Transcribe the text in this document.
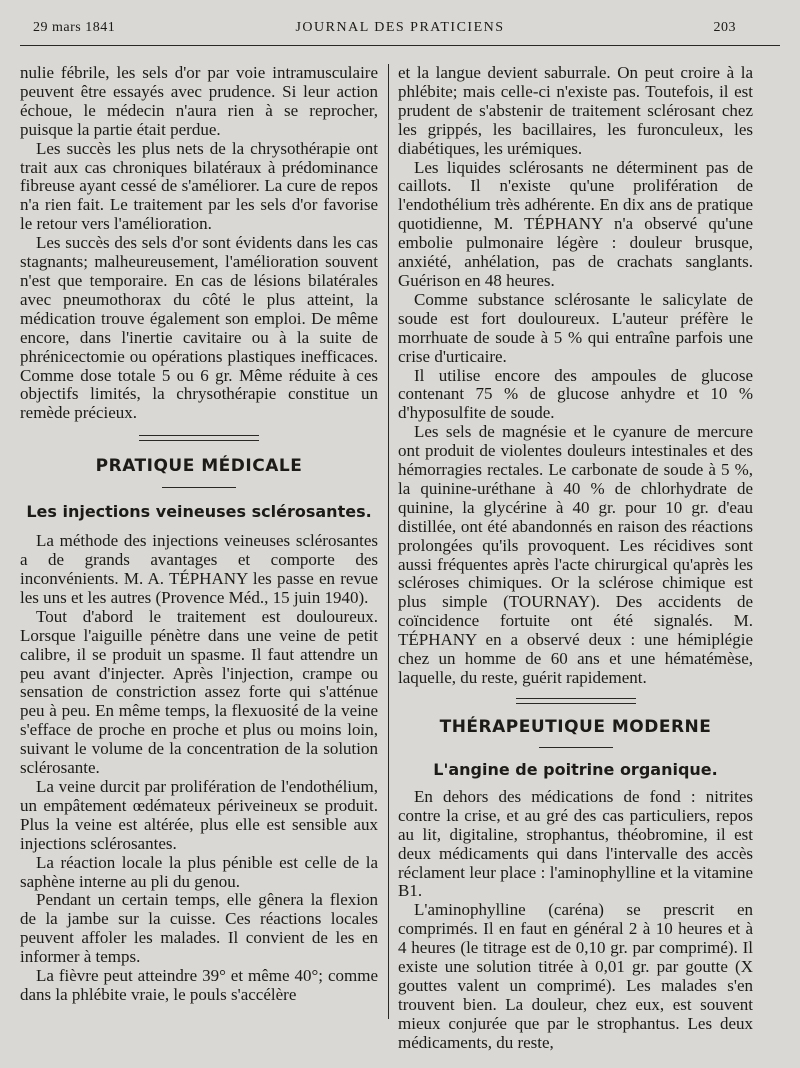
29 mars 1841	JOURNAL DES PRATICIENS	203

nulie fébrile, les sels d'or par voie intramusculaire peuvent être essayés avec prudence. Si leur action échoue, le médecin n'aura rien à se reprocher, puisque la partie était perdue.

Les succès les plus nets de la chrysothérapie ont trait aux cas chroniques bilatéraux à prédominance fibreuse ayant cessé de s'améliorer. La cure de repos n'a rien fait. Le traitement par les sels d'or favorise le retour vers l'amélioration.

Les succès des sels d'or sont évidents dans les cas stagnants; malheureusement, l'amélioration souvent n'est que temporaire. En cas de lésions bilatérales avec pneumothorax du côté le plus atteint, la médication trouve également son emploi. De même encore, dans l'inertie cavitaire ou à la suite de phrénicectomie ou opérations plastiques inefficaces. Comme dose totale 5 ou 6 gr. Même réduite à ces objectifs limités, la chrysothérapie constitue un remède précieux.

PRATIQUE MÉDICALE
Les injections veineuses sclérosantes.

La méthode des injections veineuses sclérosantes a de grands avantages et comporte des inconvénients. M. A. TÉPHANY les passe en revue les uns et les autres (Provence Méd., 15 juin 1940).

Tout d'abord le traitement est douloureux. Lorsque l'aiguille pénètre dans une veine de petit calibre, il se produit un spasme. Il faut attendre un peu avant d'injecter. Après l'injection, crampe ou sensation de constriction assez forte qui s'atténue peu à peu. En même temps, la flexuosité de la veine s'efface de proche en proche et plus ou moins loin, suivant le volume de la concentration de la solution sclérosante.

La veine durcit par prolifération de l'endothélium, un empâtement œdémateux périveineux se produit. Plus la veine est altérée, plus elle est sensible aux injections sclérosantes.

La réaction locale la plus pénible est celle de la saphène interne au pli du genou.

Pendant un certain temps, elle gênera la flexion de la jambe sur la cuisse. Ces réactions locales peuvent affoler les malades. Il convient de les en informer à temps.

La fièvre peut atteindre 39° et même 40°; comme dans la phlébite vraie, le pouls s'accélère

et la langue devient saburrale. On peut croire à la phlébite; mais celle-ci n'existe pas. Toutefois, il est prudent de s'abstenir de traitement sclérosant chez les grippés, les bacillaires, les furonculeux, les diabétiques, les urémiques.

Les liquides sclérosants ne déterminent pas de caillots. Il n'existe qu'une prolifération de l'endothélium très adhérente. En dix ans de pratique quotidienne, M. TÉPHANY n'a observé qu'une embolie pulmonaire légère : douleur brusque, anxiété, anhélation, pas de crachats sanglants. Guérison en 48 heures.

Comme substance sclérosante le salicylate de soude est fort douloureux. L'auteur préfère le morrhuate de soude à 5 % qui entraîne parfois une crise d'urticaire.

Il utilise encore des ampoules de glucose contenant 75 % de glucose anhydre et 10 % d'hyposulfite de soude.

Les sels de magnésie et le cyanure de mercure ont produit de violentes douleurs intestinales et des hémorragies rectales. Le carbonate de soude à 5 %, la quinine-uréthane à 40 % de chlorhydrate de quinine, la glycérine à 40 gr. pour 10 gr. d'eau distillée, ont été abandonnés en raison des réactions prolongées qu'ils provoquent. Les récidives sont aussi fréquentes après l'acte chirurgical qu'après les scléroses chimiques. Or la sclérose chimique est plus simple (TOURNAY). Des accidents de coïncidence fortuite ont été signalés. M. TÉPHANY en a observé deux : une hémiplégie chez un homme de 60 ans et une hématémèse, laquelle, du reste, guérit rapidement.

THÉRAPEUTIQUE MODERNE
L'angine de poitrine organique.

En dehors des médications de fond : nitrites contre la crise, et au gré des cas particuliers, repos au lit, digitaline, strophantus, théobromine, il est deux médicaments qui dans l'intervalle des accès réclament leur place : l'aminophylline et la vitamine B1.

L'aminophylline (caréna) se prescrit en comprimés. Il en faut en général 2 à 10 heures et à 4 heures (le titrage est de 0,10 gr. par comprimé). Il existe une solution titrée à 0,01 gr. par goutte (X gouttes valent un comprimé). Les malades s'en trouvent bien. La douleur, chez eux, est souvent mieux conjurée que par le strophantus. Les deux médicaments, du reste,
